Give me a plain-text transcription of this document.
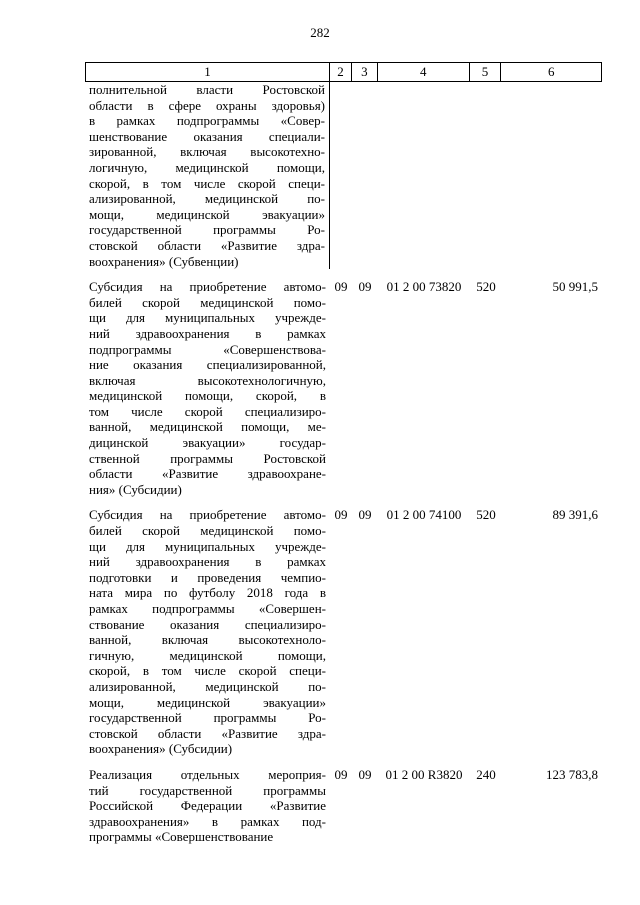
282
1	2	3	4	5	6
полнительной власти Ростовской
области в сфере охраны здоровья)
в рамках подпрограммы «Совер-
шенствование оказания специали-
зированной, включая высокотехно-
логичную, медицинской помощи,
скорой, в том числе скорой специ-
ализированной, медицинской по-
мощи, медицинской эвакуации»
государственной программы Ро-
стовской области «Развитие здра-
воохранения» (Субвенции)
Субсидия на приобретение автомо-
билей скорой медицинской помо-
щи для муниципальных учрежде-
ний здравоохранения в рамках
подпрограммы «Совершенствова-
ние оказания специализированной,
включая высокотехнологичную,
медицинской помощи, скорой, в
том числе скорой специализиро-
ванной, медицинской помощи, ме-
дицинской эвакуации» государ-
ственной программы Ростовской
области «Развитие здравоохране-
ния» (Субсидии)
09 09	01 2 00 73820	520	50 991,5
Субсидия на приобретение автомо-
билей скорой медицинской помо-
щи для муниципальных учрежде-
ний здравоохранения в рамках
подготовки и проведения чемпио-
ната мира по футболу 2018 года в
рамках подпрограммы «Совершен-
ствование оказания специализиро-
ванной, включая высокотехноло-
гичную, медицинской помощи,
скорой, в том числе скорой специ-
ализированной, медицинской по-
мощи, медицинской эвакуации»
государственной программы Ро-
стовской области «Развитие здра-
воохранения» (Субсидии)
09 09	01 2 00 74100	520	89 391,6
Реализация отдельных мероприя-
тий государственной программы
Российской Федерации «Развитие
здравоохранения» в рамках под-
программы «Совершенствование
09 09	01 2 00 R3820	240	123 783,8
